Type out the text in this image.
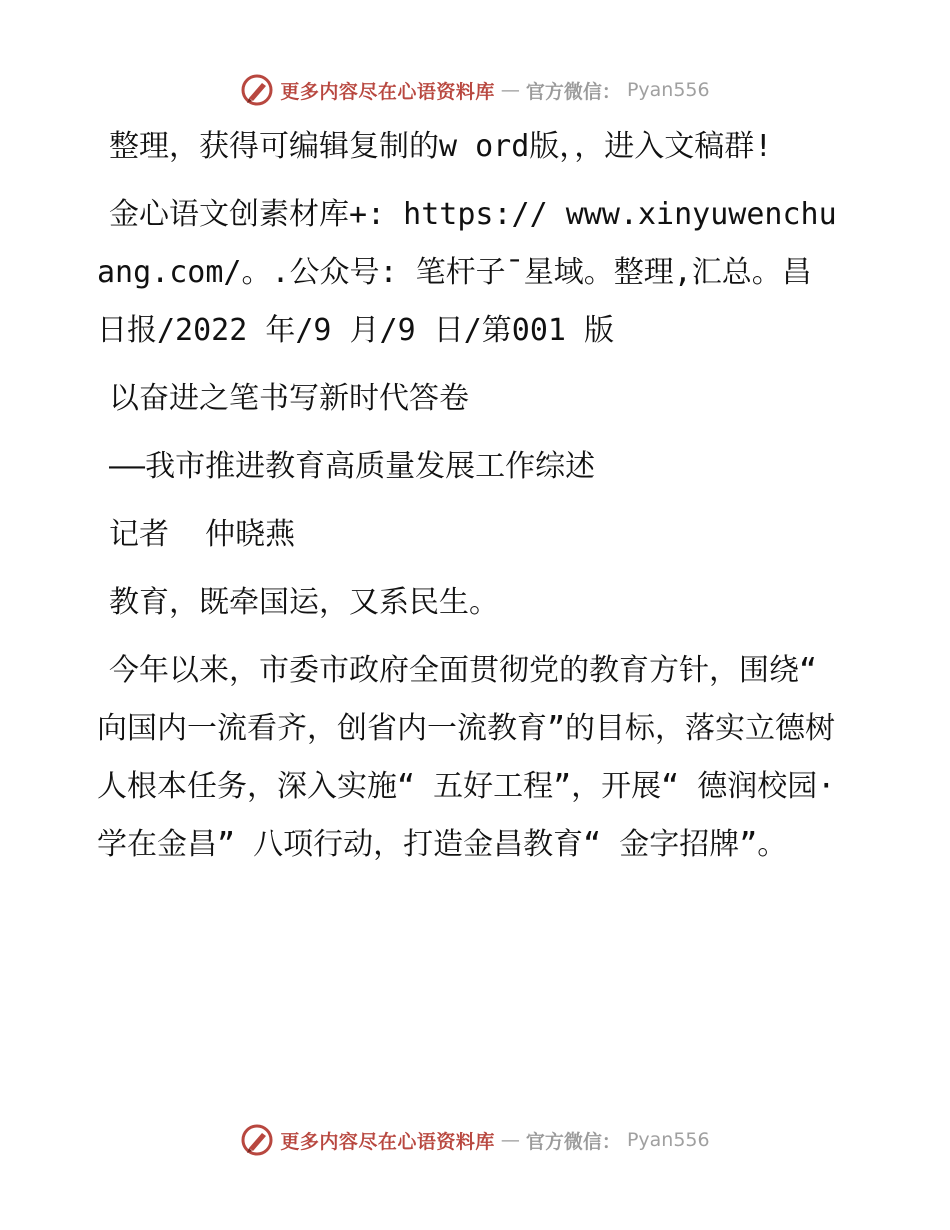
更多内容尽在心语资料库 — 官方微信： Pyan556

整理，获得可编辑复制的w ord版，，进入文稿群!

金心语文创素材库+: https:// www.xinyuwenchuang.com/。.公众号: 笔杆子¯星域。整理,汇总。昌日报/2022 年/9 月/9 日/第001 版

以奋进之笔书写新时代答卷

——我市推进教育高质量发展工作综述

记者  仲晓燕

教育，既牵国运，又系民生。

今年以来，市委市政府全面贯彻党的教育方针，围绕“ 向国内一流看齐，创省内一流教育”的目标，落实立德树人根本任务，深入实施“ 五好工程”，开展“ 德润校园· 学在金昌” 八项行动，打造金昌教育“ 金字招牌”。

更多内容尽在心语资料库 — 官方微信： Pyan556
